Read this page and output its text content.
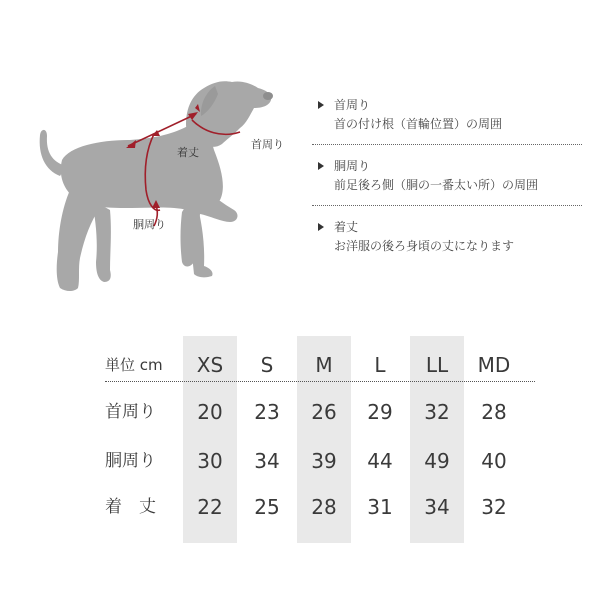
着丈
首周り
胴周り
首周り
首の付け根（首輪位置）の周囲
胴周り
前足後ろ側（胴の一番太い所）の周囲
着丈
お洋服の後ろ身頃の丈になります
単位 cm	XS	S	M	L	LL	MD
首周り	20	23	26	29	32	28
胴周り	30	34	39	44	49	40
着　丈	22	25	28	31	34	32
